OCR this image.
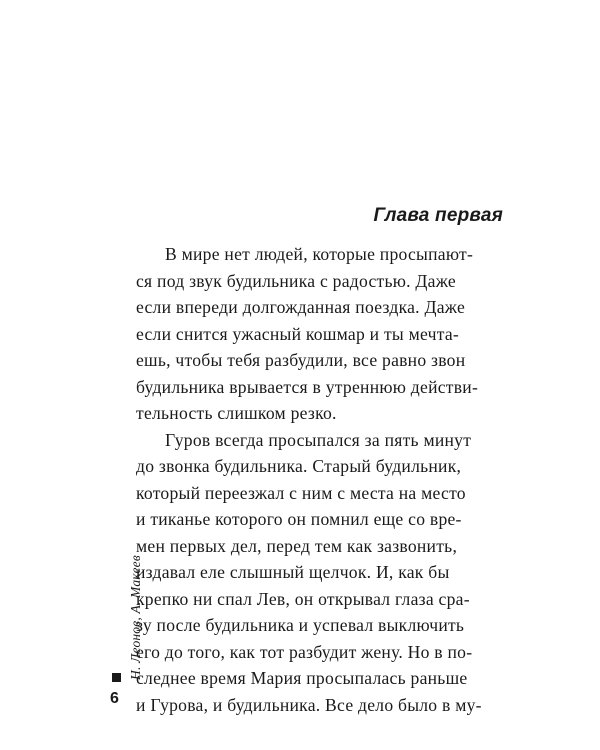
Глава первая

В мире нет людей, которые просыпают-
ся под звук будильника с радостью. Даже
если впереди долгожданная поездка. Даже
если снится ужасный кошмар и ты мечта-
ешь, чтобы тебя разбудили, все равно звон
будильника врывается в утреннюю действи-
тельность слишком резко.

Гуров всегда просыпался за пять минут
до звонка будильника. Старый будильник,
который переезжал с ним с места на место
и тиканье которого он помнил еще со вре-
мен первых дел, перед тем как зазвонить,
издавал еле слышный щелчок. И, как бы
крепко ни спал Лев, он открывал глаза сра-
зу после будильника и успевал выключить
его до того, как тот разбудит жену. Но в по-
следнее время Мария просыпалась раньше
и Гурова, и будильника. Все дело было в му-

Н. Леонов, А. Макеев
6
